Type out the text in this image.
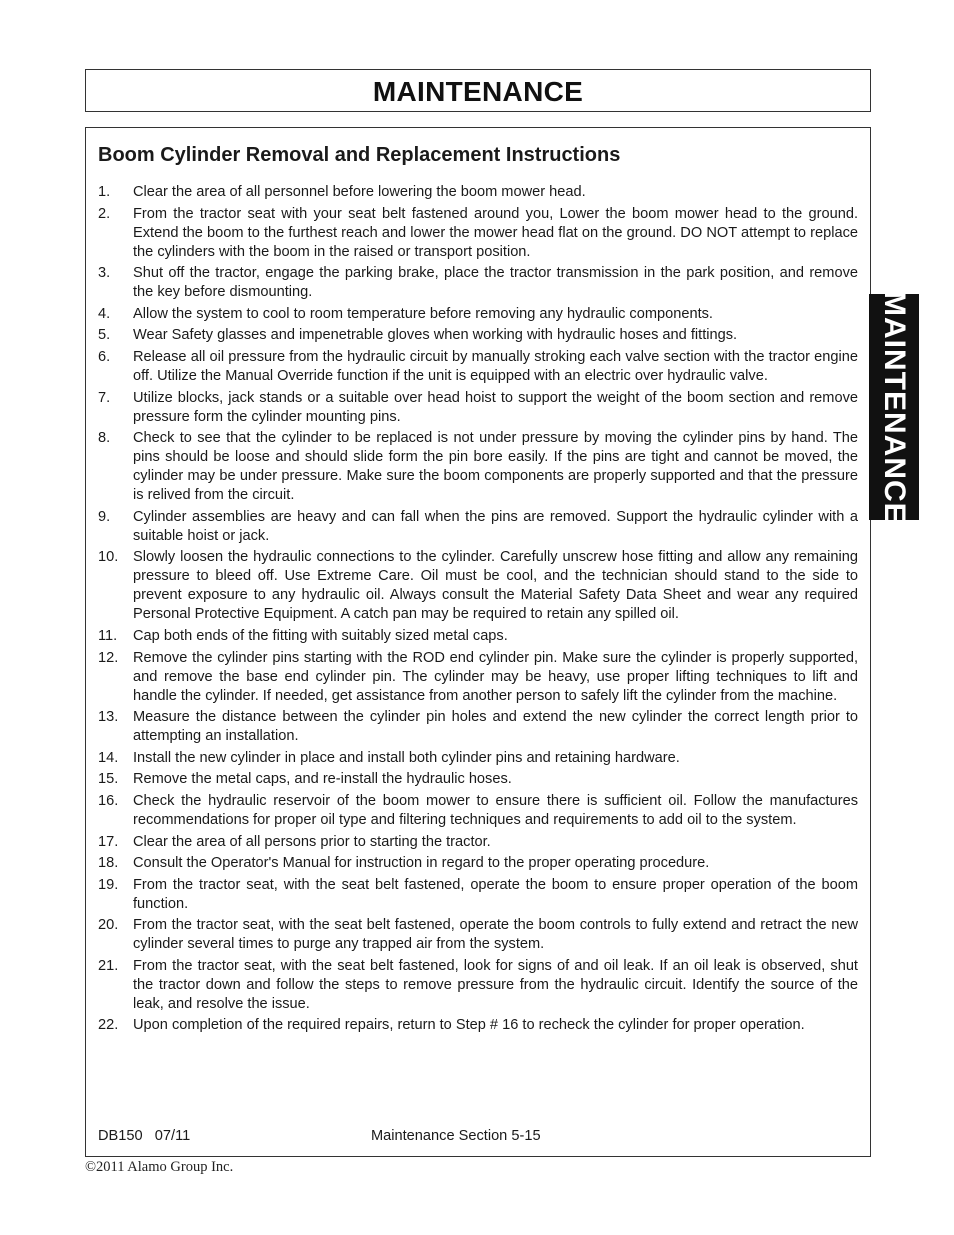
MAINTENANCE
Boom Cylinder Removal and Replacement Instructions
1.	Clear the area of all personnel before lowering the boom mower head.
2.	From the tractor seat with your seat belt fastened around you, Lower the boom mower head to the ground. Extend the boom to the furthest reach and lower the mower head flat on the ground. DO NOT attempt to replace the cylinders with the boom in the raised or transport position.
3.	Shut off the tractor, engage the parking brake, place the tractor transmission in the park position, and remove the key before dismounting.
4.	Allow the system to cool to room temperature before removing any hydraulic components.
5.	Wear Safety glasses and impenetrable gloves when working with hydraulic hoses and fittings.
6.	Release all oil pressure from the hydraulic circuit by manually stroking each valve section with the tractor engine off. Utilize the Manual Override function if the unit is equipped with an electric over hydraulic valve.
7.	Utilize blocks, jack stands or a suitable over head hoist to support the weight of the boom section and remove pressure form the cylinder mounting pins.
8.	Check to see that the cylinder to be replaced is not under pressure by moving the cylinder pins by hand. The pins should be loose and should slide form the pin bore easily. If the pins are tight and cannot be moved, the cylinder may be under pressure. Make sure the boom components are properly supported and that the pressure is relived from the circuit.
9.	Cylinder assemblies are heavy and can fall when the pins are removed. Support the hydraulic cylinder with a suitable hoist or jack.
10.	Slowly loosen the hydraulic connections to the cylinder. Carefully unscrew hose fitting and allow any remaining pressure to bleed off. Use Extreme Care. Oil must be cool, and the technician should stand to the side to prevent exposure to any hydraulic oil. Always consult the Material Safety Data Sheet and wear any required Personal Protective Equipment. A catch pan may be required to retain any spilled oil.
11.	Cap both ends of the fitting with suitably sized metal caps.
12.	Remove the cylinder pins starting with the ROD end cylinder pin. Make sure the cylinder is properly supported, and remove the base end cylinder pin. The cylinder may be heavy, use proper lifting techniques to lift and handle the cylinder. If needed, get assistance from another person to safely lift the cylinder from the machine.
13.	Measure the distance between the cylinder pin holes and extend the new cylinder the correct length prior to attempting an installation.
14.	Install the new cylinder in place and install both cylinder pins and retaining hardware.
15.	Remove the metal caps, and re-install the hydraulic hoses.
16.	Check the hydraulic reservoir of the boom mower to ensure there is sufficient oil. Follow the manufactures recommendations for proper oil type and filtering techniques and requirements to add oil to the system.
17.	Clear the area of all persons prior to starting the tractor.
18.	Consult the Operator's Manual for instruction in regard to the proper operating procedure.
19.	From the tractor seat, with the seat belt fastened, operate the boom to ensure proper operation of the boom function.
20.	From the tractor seat, with the seat belt fastened, operate the boom controls to fully extend and retract the new cylinder several times to purge any trapped air from the system.
21.	From the tractor seat, with the seat belt fastened, look for signs of and oil leak. If an oil leak is observed, shut the tractor down and follow the steps to remove pressure from the hydraulic circuit. Identify the source of the leak, and resolve the issue.
22.	Upon completion of the required repairs, return to Step # 16 to recheck the cylinder for proper operation.
DB150   07/11	Maintenance Section 5-15
MAINTENANCE
©2011 Alamo Group Inc.
